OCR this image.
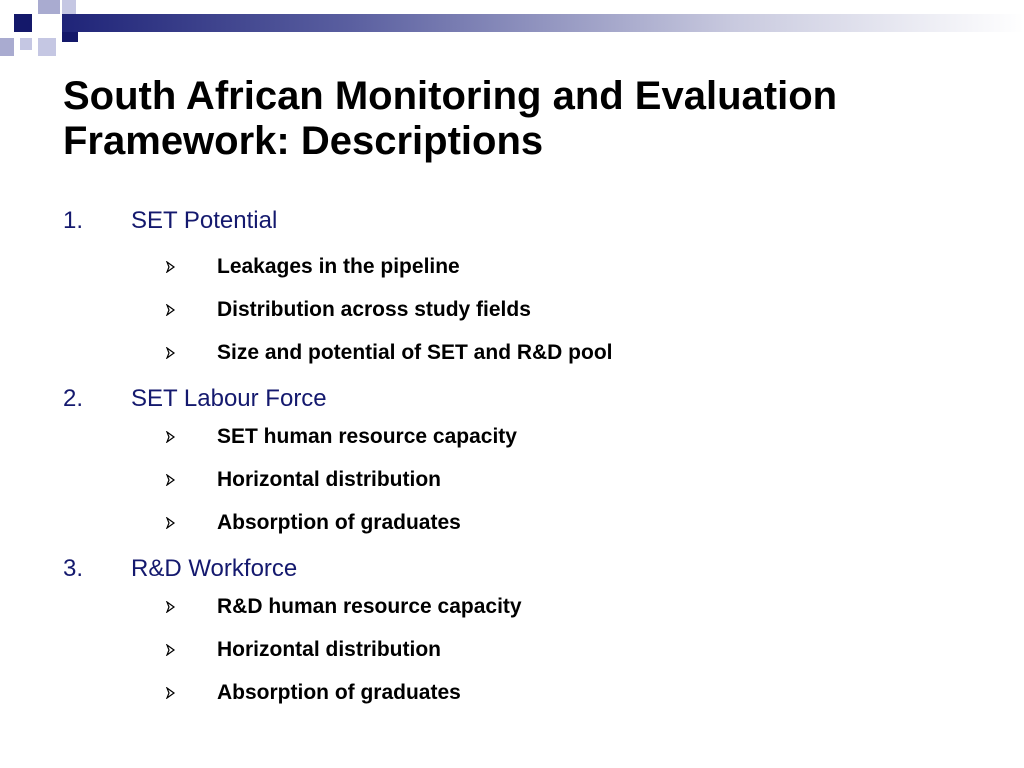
South African Monitoring and Evaluation
Framework: Descriptions
1. SET Potential
Leakages in the pipeline
Distribution across study fields
Size and potential of SET and R&D pool
2. SET Labour Force
SET human resource capacity
Horizontal distribution
Absorption of graduates
3. R&D Workforce
R&D human resource capacity
Horizontal distribution
Absorption of graduates
